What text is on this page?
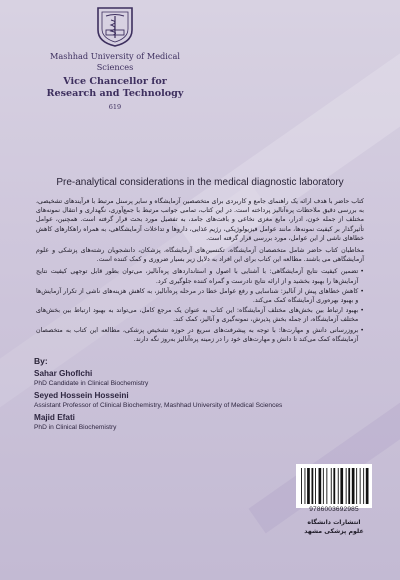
Mashhad University of Medical Sciences
Vice Chancellor for Research and Technology
619
Pre-analytical considerations in the medical diagnostic laboratory

کتاب حاضر با هدف ارائه یک راهنمای جامع و کاربردی برای متخصصین آزمایشگاه و سایر پرسنل مرتبط با فرآیندهای تشخیصی، به بررسی دقیق ملاحظات پره‌آنالیز پرداخته است. در این کتاب، تمامی جوانب مرتبط با جمع‌آوری، نگهداری و انتقال نمونه‌های مختلف از جمله خون، ادرار، مایع مغزی نخاعی و بافت‌های جامد، به تفصیل مورد بحث قرار گرفته است. همچنین، عوامل تأثیرگذار بر کیفیت نمونه‌ها، مانند عوامل فیزیولوژیکی، رژیم غذایی، داروها و تداخلات آزمایشگاهی، به همراه راهکارهای کاهش خطاهای ناشی از این عوامل، مورد بررسی قرار گرفته است.

مخاطبان کتاب حاضر شامل متخصصان آزمایشگاه، تکنسین‌های آزمایشگاه، پزشکان، دانشجویان رشته‌های پزشکی و علوم آزمایشگاهی می باشند. مطالعه این کتاب برای این افراد به دلایل زیر بسیار ضروری و کمک کننده است.

•
تضمین کیفیت نتایج آزمایشگاهی: با آشنایی با اصول و استانداردهای پره‌آنالیز، می‌توان بطور قابل توجهی کیفیت نتایج آزمایش‌ها را بهبود بخشید و از ارائه نتایج نادرست و گمراه کننده جلوگیری کرد.
•
کاهش خطاهای پیش از آنالیز: شناسایی و رفع عوامل خطا در مرحله پره‌آنالیز، به کاهش هزینه‌های ناشی از تکرار آزمایش‌ها و بهبود بهره‌وری آزمایشگاه کمک می‌کند.
•
بهبود ارتباط بین بخش‌های مختلف آزمایشگاه: این کتاب به عنوان یک مرجع کامل، می‌تواند به بهبود ارتباط بین بخش‌های مختلف آزمایشگاه، از جمله بخش پذیرش، نمونه‌گیری و آنالیز، کمک کند.
•
بروزرسانی دانش و مهارت‌ها: با توجه به پیشرفت‌های سریع در حوزه تشخیص پزشکی، مطالعه این کتاب به متخصصان آزمایشگاه کمک می‌کند تا دانش و مهارت‌های خود را در زمینه پره‌آنالیز به‌روز نگه دارند.
By:
Sahar Ghoflchi
PhD Candidate in Clinical Biochemistry
Seyed Hossein Hosseini
Assistant Professor of Clinical Biochemistry, Mashhad University of Medical Sciences
Majid Efati
PhD in Clinical Biochemistry
9786003692985
انتشارات دانشگاه
علوم پزشکی مشهد
